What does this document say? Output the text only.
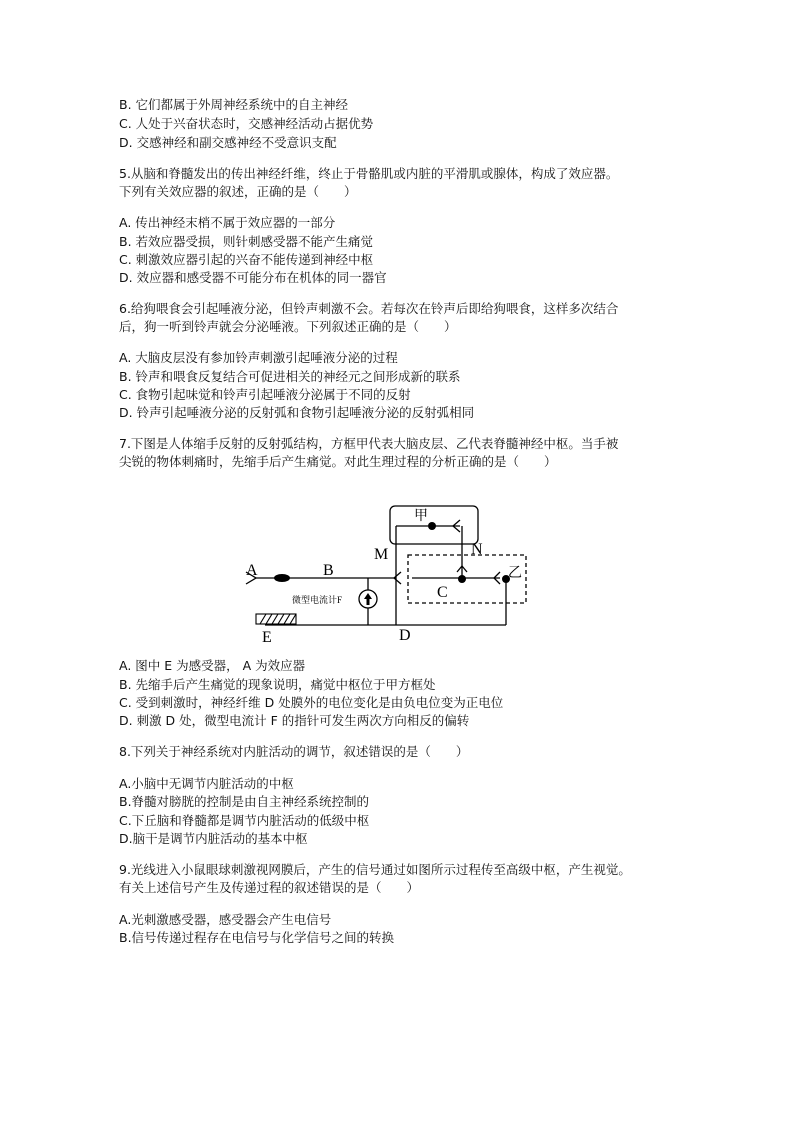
B. 它们都属于外周神经系统中的自主神经
C. 人处于兴奋状态时，交感神经活动占据优势
D. 交感神经和副交感神经不受意识支配
5.从脑和脊髓发出的传出神经纤维，终止于骨骼肌或内脏的平滑肌或腺体，构成了效应器。
下列有关效应器的叙述，正确的是（　　）
A. 传出神经末梢不属于效应器的一部分
B. 若效应器受损，则针刺感受器不能产生痛觉
C. 刺激效应器引起的兴奋不能传递到神经中枢
D. 效应器和感受器不可能分布在机体的同一器官
6.给狗喂食会引起唾液分泌，但铃声刺激不会。若每次在铃声后即给狗喂食，这样多次结合
后，狗一听到铃声就会分泌唾液。下列叙述正确的是（　　）
A. 大脑皮层没有参加铃声刺激引起唾液分泌的过程
B. 铃声和喂食反复结合可促进相关的神经元之间形成新的联系
C. 食物引起味觉和铃声引起唾液分泌属于不同的反射
D. 铃声引起唾液分泌的反射弧和食物引起唾液分泌的反射弧相同
7.下图是人体缩手反射的反射弧结构，方框甲代表大脑皮层、乙代表脊髓神经中枢。当手被
尖锐的物体刺痛时，先缩手后产生痛觉。对此生理过程的分析正确的是（　　）
甲
A	B
M	N
C
乙
E	D
微型电流计F
A. 图中 E 为感受器， A 为效应器
B. 先缩手后产生痛觉的现象说明，痛觉中枢位于甲方框处
C. 受到刺激时，神经纤维 D 处膜外的电位变化是由负电位变为正电位
D. 刺激 D 处，微型电流计 F 的指针可发生两次方向相反的偏转
8.下列关于神经系统对内脏活动的调节，叙述错误的是（　　）
A.小脑中无调节内脏活动的中枢
B.脊髓对膀胱的控制是由自主神经系统控制的
C.下丘脑和脊髓都是调节内脏活动的低级中枢
D.脑干是调节内脏活动的基本中枢
9.光线进入小鼠眼球刺激视网膜后，产生的信号通过如图所示过程传至高级中枢，产生视觉。
有关上述信号产生及传递过程的叙述错误的是（　　）
A.光刺激感受器，感受器会产生电信号
B.信号传递过程存在电信号与化学信号之间的转换
